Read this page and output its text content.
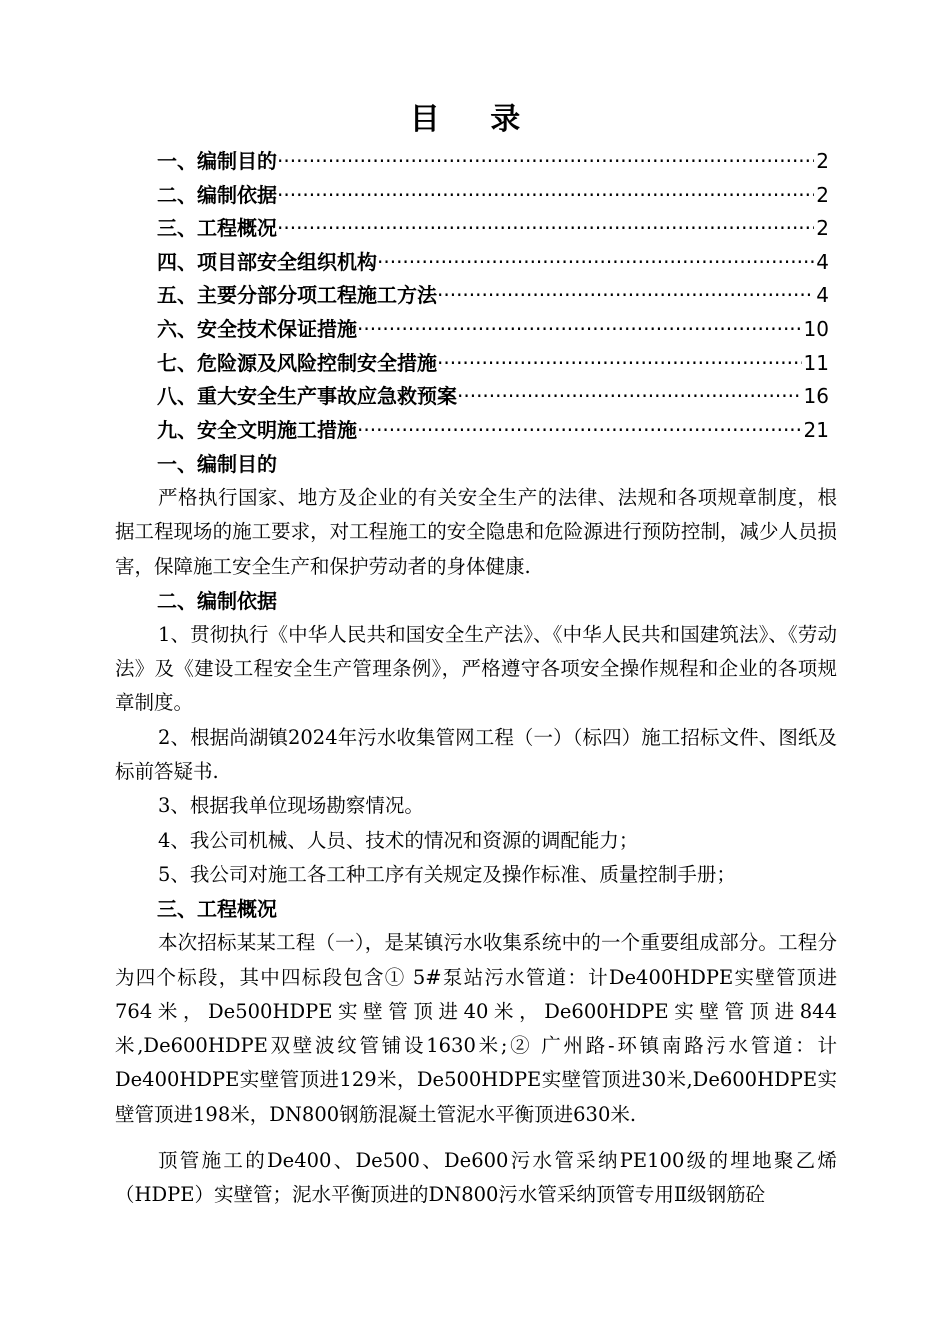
目 录
一、编制目的 ·····	2
二、编制依据 ·····	2
三、工程概况 ·····	2
四、项目部安全组织机构 ·····	4
五、主要分部分项工程施工方法 ·····	4
六、安全技术保证措施 ·····	10
七、危险源及风险控制安全措施 ·····	11
八、重大安全生产事故应急救预案 ·····	16
九、安全文明施工措施 ·····	21
一、编制目的

严格执行国家、地方及企业的有关安全生产的法律、法规和各项规章制度，根据工程现场的施工要求，对工程施工的安全隐患和危险源进行预防控制，减少人员损害，保障施工安全生产和保护劳动者的身体健康.

二、编制依据

1、贯彻执行《中华人民共和国安全生产法》、《中华人民共和国建筑法》、《劳动法》及《建设工程安全生产管理条例》，严格遵守各项安全操作规程和企业的各项规章制度。

2、根据尚湖镇2024年污水收集管网工程（一）（标四）施工招标文件、图纸及标前答疑书.

3、根据我单位现场勘察情况。

4、我公司机械、人员、技术的情况和资源的调配能力；

5、我公司对施工各工种工序有关规定及操作标准、质量控制手册；

三、工程概况

本次招标某某工程（一），是某镇污水收集系统中的一个重要组成部分。工程分为四个标段，其中四标段包含① 5#泵站污水管道：计De400HDPE实壁管顶进764米，De500HDPE实壁管顶进40米，De600HDPE实壁管顶进844米,De600HDPE双壁波纹管铺设1630米;② 广州路-环镇南路污水管道：计De400HDPE实壁管顶进129米，De500HDPE实壁管顶进30米,De600HDPE实壁管顶进198米，DN800钢筋混凝土管泥水平衡顶进630米.

顶管施工的De400、De500、De600污水管采纳PE100级的埋地聚乙烯（HDPE）实壁管；泥水平衡顶进的DN800污水管采纳顶管专用Ⅱ级钢筋砼
